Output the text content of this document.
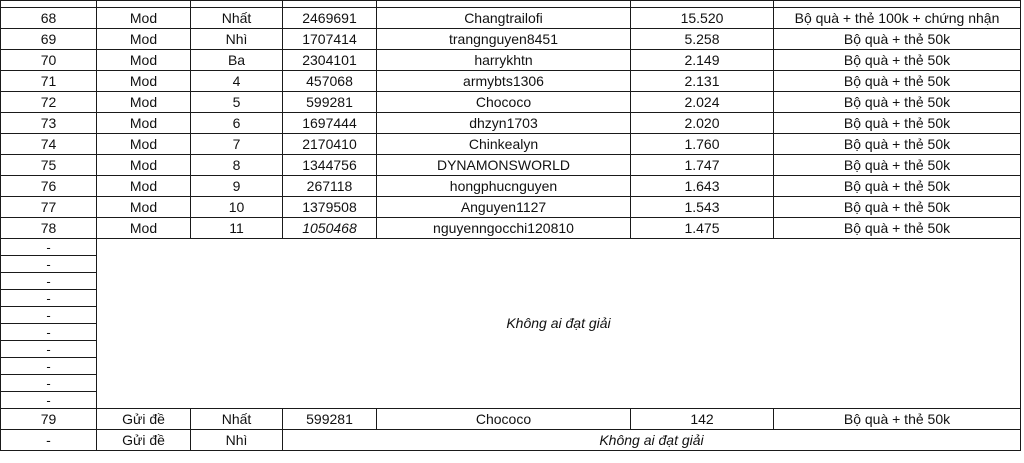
68	Mod	Nhất	2469691	Changtrailofi	15.520	Bộ quà + thẻ 100k + chứng nhận
69	Mod	Nhì	1707414	trangnguyen8451	5.258	Bộ quà + thẻ 50k
70	Mod	Ba	2304101	harrykhtn	2.149	Bộ quà + thẻ 50k
71	Mod	4	457068	armybts1306	2.131	Bộ quà + thẻ 50k
72	Mod	5	599281	Chococo	2.024	Bộ quà + thẻ 50k
73	Mod	6	1697444	dhzyn1703	2.020	Bộ quà + thẻ 50k
74	Mod	7	2170410	Chinkealyn	1.760	Bộ quà + thẻ 50k
75	Mod	8	1344756	DYNAMONSWORLD	1.747	Bộ quà + thẻ 50k
76	Mod	9	267118	hongphucnguyen	1.643	Bộ quà + thẻ 50k
77	Mod	10	1379508	Anguyen1127	1.543	Bộ quà + thẻ 50k
78	Mod	11	1050468	nguyenngocchi120810	1.475	Bộ quà + thẻ 50k
-	Không ai đạt giải					
-						
-						
-						
-						
-						
-						
-						
-						
-						
79	Gửi đề	Nhất	599281	Chococo	142	Bộ quà + thẻ 50k
-	Gửi đề	Nhì	Không ai đạt giải			
